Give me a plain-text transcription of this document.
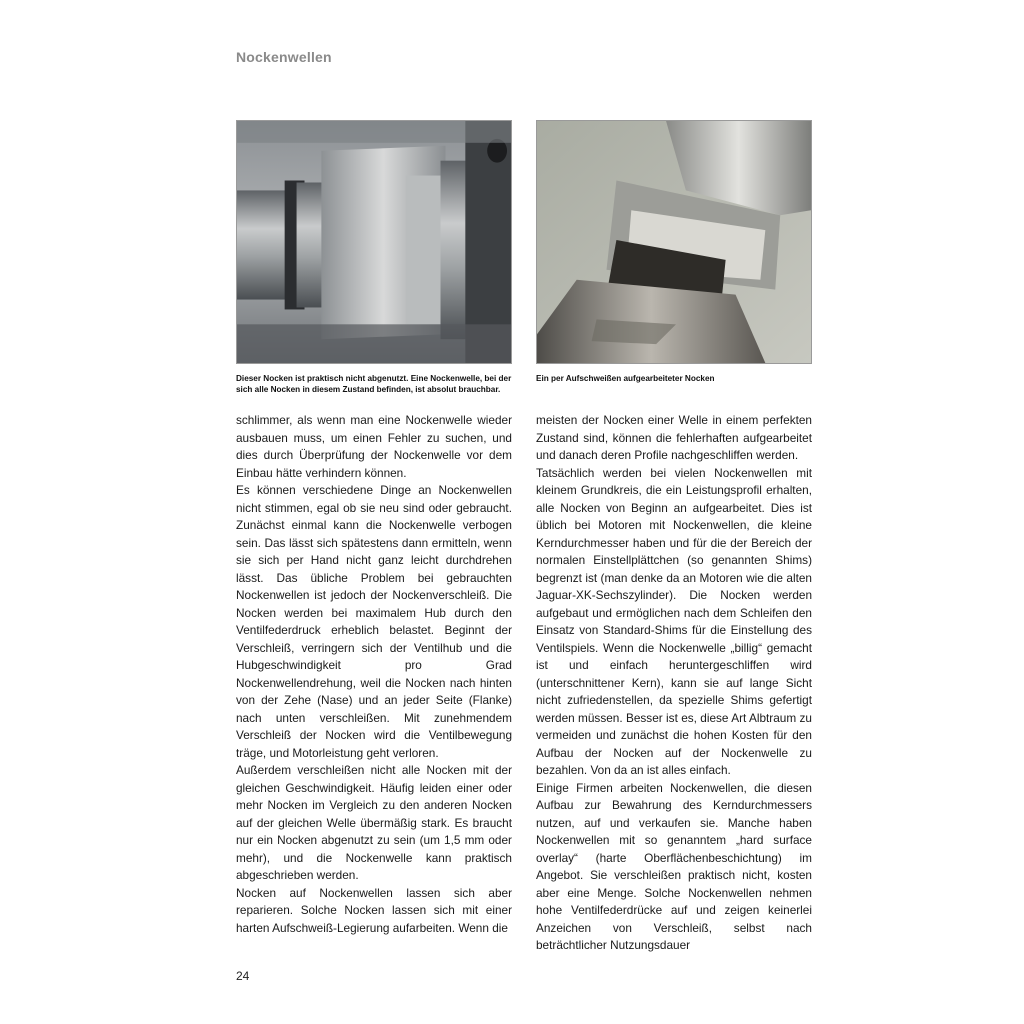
Nockenwellen
Dieser Nocken ist praktisch nicht abgenutzt. Eine Nockenwelle, bei der sich alle Nocken in diesem Zustand befinden, ist absolut brauchbar.
Ein per Aufschweißen aufgearbeiteter Nocken

schlimmer, als wenn man eine Nockenwelle wieder ausbauen muss, um einen Fehler zu suchen, und dies durch Überprüfung der Nockenwelle vor dem Einbau hätte verhindern können.

Es können verschiedene Dinge an Nockenwellen nicht stimmen, egal ob sie neu sind oder gebraucht. Zunächst einmal kann die Nockenwelle verbogen sein. Das lässt sich spätestens dann ermitteln, wenn sie sich per Hand nicht ganz leicht durchdrehen lässt. Das übliche Problem bei gebrauchten Nockenwellen ist jedoch der Nockenverschleiß. Die Nocken werden bei maximalem Hub durch den Ventilfederdruck erheblich belastet. Beginnt der Verschleiß, verringern sich der Ventilhub und die Hubgeschwindigkeit pro Grad Nockenwellendrehung, weil die Nocken nach hinten von der Zehe (Nase) und an jeder Seite (Flanke) nach unten verschleißen. Mit zunehmendem Verschleiß der Nocken wird die Ventilbewegung träge, und Motorleistung geht verloren.

Außerdem verschleißen nicht alle Nocken mit der gleichen Geschwindigkeit. Häufig leiden einer oder mehr Nocken im Vergleich zu den anderen Nocken auf der gleichen Welle übermäßig stark. Es braucht nur ein Nocken abgenutzt zu sein (um 1,5 mm oder mehr), und die Nockenwelle kann praktisch abgeschrieben werden.

Nocken auf Nockenwellen lassen sich aber reparieren. Solche Nocken lassen sich mit einer harten Aufschweiß-Legierung aufarbeiten. Wenn die

meisten der Nocken einer Welle in einem perfekten Zustand sind, können die fehlerhaften aufgearbeitet und danach deren Profile nachgeschliffen werden.

Tatsächlich werden bei vielen Nockenwellen mit kleinem Grundkreis, die ein Leistungsprofil erhalten, alle Nocken von Beginn an aufgearbeitet. Dies ist üblich bei Motoren mit Nockenwellen, die kleine Kerndurchmesser haben und für die der Bereich der normalen Einstellplättchen (so genannten Shims) begrenzt ist (man denke da an Motoren wie die alten Jaguar-XK-Sechszylinder). Die Nocken werden aufgebaut und ermöglichen nach dem Schleifen den Einsatz von Standard-Shims für die Einstellung des Ventilspiels. Wenn die Nockenwelle „billig“ gemacht ist und einfach heruntergeschliffen wird (unterschnittener Kern), kann sie auf lange Sicht nicht zufriedenstellen, da spezielle Shims gefertigt werden müssen. Besser ist es, diese Art Albtraum zu vermeiden und zunächst die hohen Kosten für den Aufbau der Nocken auf der Nockenwelle zu bezahlen. Von da an ist alles einfach.

Einige Firmen arbeiten Nockenwellen, die diesen Aufbau zur Bewahrung des Kerndurchmessers nutzen, auf und verkaufen sie. Manche haben Nockenwellen mit so genanntem „hard surface overlay“ (harte Oberflächenbeschichtung) im Angebot. Sie verschleißen praktisch nicht, kosten aber eine Menge. Solche Nockenwellen nehmen hohe Ventilfederdrücke auf und zeigen keinerlei Anzeichen von Verschleiß, selbst nach beträchtlicher Nutzungsdauer

24
